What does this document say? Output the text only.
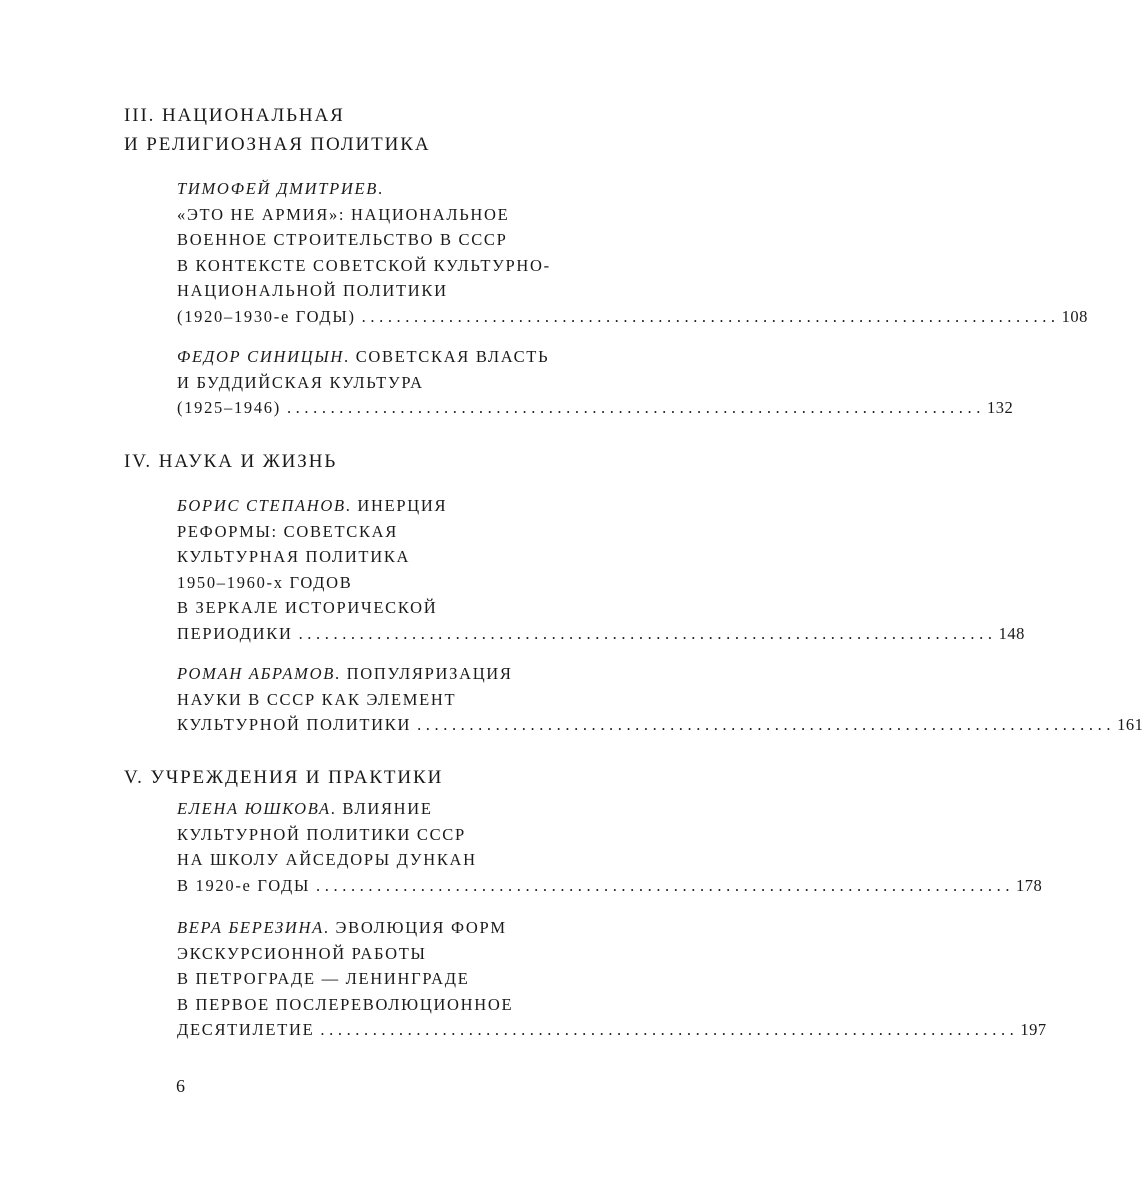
III. НАЦИОНАЛЬНАЯ
И РЕЛИГИОЗНАЯ ПОЛИТИКА
ТИМОФЕЙ ДМИТРИЕВ.
«ЭТО НЕ АРМИЯ»: НАЦИОНАЛЬНОЕ
ВОЕННОЕ СТРОИТЕЛЬСТВО В СССР
В КОНТЕКСТЕ СОВЕТСКОЙ КУЛЬТУРНО-
НАЦИОНАЛЬНОЙ ПОЛИТИКИ
(1920–1930-е ГОДЫ) ................................................................................ 108
ФЕДОР СИНИЦЫН. СОВЕТСКАЯ ВЛАСТЬ
И БУДДИЙСКАЯ КУЛЬТУРА
(1925–1946) ................................................................................ 132
IV. НАУКА И ЖИЗНЬ
БОРИС СТЕПАНОВ. ИНЕРЦИЯ
РЕФОРМЫ: СОВЕТСКАЯ
КУЛЬТУРНАЯ ПОЛИТИКА
1950–1960-х ГОДОВ
В ЗЕРКАЛЕ ИСТОРИЧЕСКОЙ
ПЕРИОДИКИ ................................................................................ 148
РОМАН АБРАМОВ. ПОПУЛЯРИЗАЦИЯ
НАУКИ В СССР КАК ЭЛЕМЕНТ
КУЛЬТУРНОЙ ПОЛИТИКИ ................................................................................ 161
V. УЧРЕЖДЕНИЯ И ПРАКТИКИ
ЕЛЕНА ЮШКОВА. ВЛИЯНИЕ
КУЛЬТУРНОЙ ПОЛИТИКИ СССР
НА ШКОЛУ АЙСЕДОРЫ ДУНКАН
В 1920-е ГОДЫ ................................................................................ 178
ВЕРА БЕРЕЗИНА. ЭВОЛЮЦИЯ ФОРМ
ЭКСКУРСИОННОЙ РАБОТЫ
В ПЕТРОГРАДЕ — ЛЕНИНГРАДЕ
В ПЕРВОЕ ПОСЛЕРЕВОЛЮЦИОННОЕ
ДЕСЯТИЛЕТИЕ ................................................................................ 197
6
